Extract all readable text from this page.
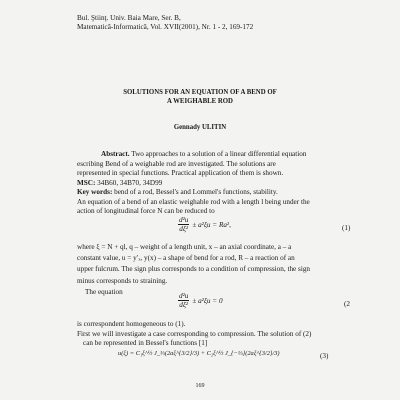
Bul. Ştiinţ. Univ. Baia Mare, Ser. B,
Matematică-Informatică, Vol. XVII(2001), Nr. 1 - 2, 169-172
SOLUTIONS FOR AN EQUATION OF A BEND OF
A WEIGHABLE ROD
Gennady ULITIN
Abstract. Two approaches to a solution of a linear differential equation
escribing Bend of a weighable rod are investigated. The solutions are
represented in special functions. Practical application of them is shown.
MSC: 34B60, 34B70, 34D99
Key words: bend of a rod, Bessel's and Lommel's functions, stability.
An equation of a bend of an elastic weighable rod with a length l being under the
action of longitudinal force N can be reduced to
$\frac{\text{d²u}}{\text{dξ²}} \pm a^2\xi u = Ra^2$,	(1)
where ξ = N + ql, q – weight of a length unit, x – an axial coordinate, a – a
constant value, u = y′ₓ, y(x) – a shape of bend for a rod, R – a reaction of an
upper fulcrum. The sign plus corresponds to a condition of compression, the sign
minus corresponds to straining.
The equation
$\frac{\text{d²u}}{\text{dξ²}} \pm a^2\xi u = 0$	(2
is correspondent homogeneous to (1).
First we will investigate a case corresponding to compression. The solution of (2)
can be represented in Bessel's functions [1]
u(ξ) = C₁ξ^½ J_⅓(2aξ^{3/2}/3) + C₂ξ^½ J_{−⅓}(2aξ^{3/2}/3)	(3)
169
